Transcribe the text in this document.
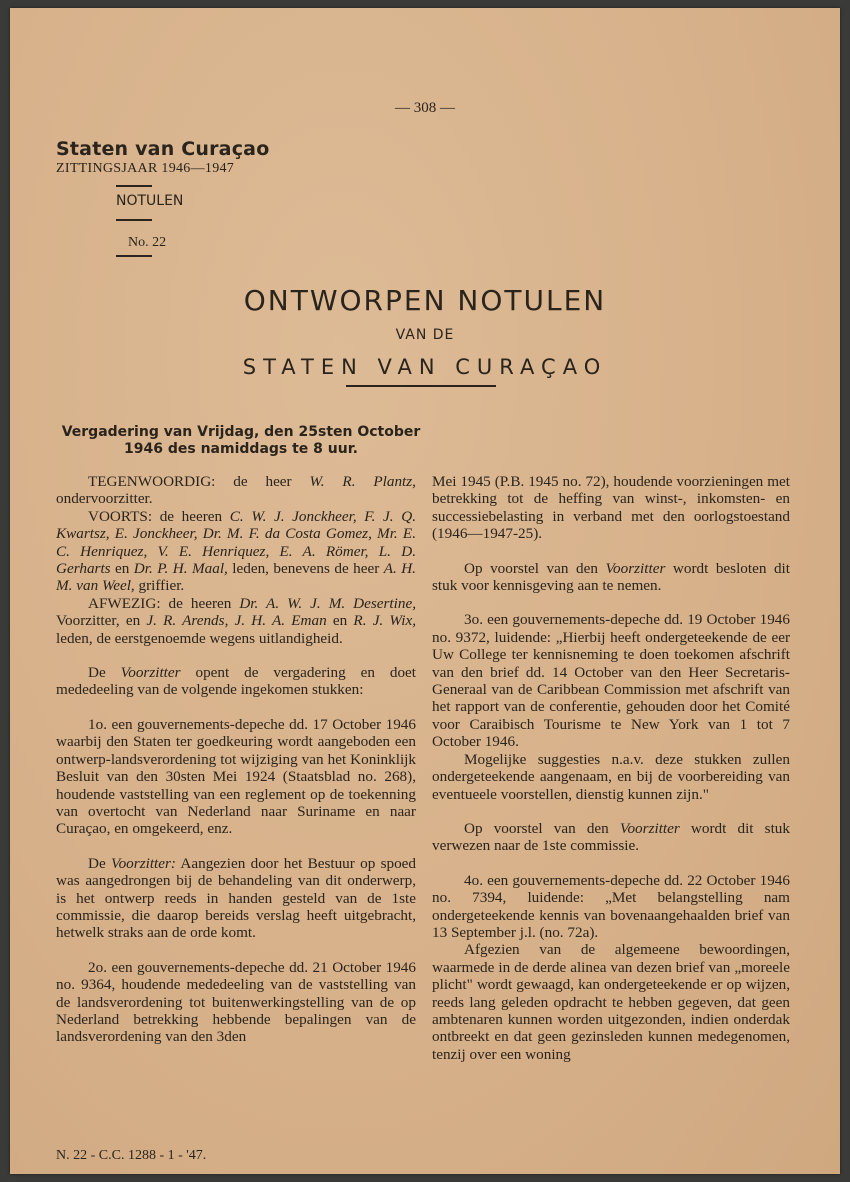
— 308 —
Staten van Curaçao
ZITTINGSJAAR 1946—1947
NOTULEN
No. 22
ONTWORPEN NOTULEN
VAN DE
STATEN VAN CURAÇAO
Vergadering van Vrijdag, den 25sten October
1946 des namiddags te 8 uur.

TEGENWOORDIG: de heer W. R. Plantz, ondervoorzitter.

VOORTS: de heeren C. W. J. Jonckheer, F. J. Q. Kwartsz, E. Jonckheer, Dr. M. F. da Costa Gomez, Mr. E. C. Henriquez, V. E. Henriquez, E. A. Römer, L. D. Gerharts en Dr. P. H. Maal, leden, benevens de heer A. H. M. van Weel, griffier.

AFWEZIG: de heeren Dr. A. W. J. M. Desertine, Voorzitter, en J. R. Arends, J. H. A. Eman en R. J. Wix, leden, de eerstgenoemde wegens uitlandigheid.

De Voorzitter opent de vergadering en doet mededeeling van de volgende ingekomen stukken:

1o. een gouvernements-depeche dd. 17 October 1946 waarbij den Staten ter goedkeuring wordt aangeboden een ontwerp-landsverordening tot wijziging van het Koninklijk Besluit van den 30sten Mei 1924 (Staatsblad no. 268), houdende vaststelling van een reglement op de toekenning van overtocht van Nederland naar Suriname en naar Curaçao, en omgekeerd, enz.

De Voorzitter: Aangezien door het Bestuur op spoed was aangedrongen bij de behandeling van dit onderwerp, is het ontwerp reeds in handen gesteld van de 1ste commissie, die daarop bereids verslag heeft uitgebracht, hetwelk straks aan de orde komt.

2o. een gouvernements-depeche dd. 21 October 1946 no. 9364, houdende mededeeling van de vaststelling van de landsverordening tot buitenwerkingstelling van de op Nederland betrekking hebbende bepalingen van de landsverordening van den 3den

Mei 1945 (P.B. 1945 no. 72), houdende voorzieningen met betrekking tot de heffing van winst-, inkomsten- en successiebelasting in verband met den oorlogstoestand (1946—1947-25).

Op voorstel van den Voorzitter wordt besloten dit stuk voor kennisgeving aan te nemen.

3o. een gouvernements-depeche dd. 19 October 1946 no. 9372, luidende: „Hierbij heeft ondergeteekende de eer Uw College ter kennisneming te doen toekomen afschrift van den brief dd. 14 October van den Heer Secretaris-Generaal van de Caribbean Commission met afschrift van het rapport van de conferentie, gehouden door het Comité voor Caraibisch Tourisme te New York van 1 tot 7 October 1946.

Mogelijke suggesties n.a.v. deze stukken zullen ondergeteekende aangenaam, en bij de voorbereiding van eventueele voorstellen, dienstig kunnen zijn."

Op voorstel van den Voorzitter wordt dit stuk verwezen naar de 1ste commissie.

4o. een gouvernements-depeche dd. 22 October 1946 no. 7394, luidende: „Met belangstelling nam ondergeteekende kennis van bovenaangehaalden brief van 13 September j.l. (no. 72a).

Afgezien van de algemeene bewoordingen, waarmede in de derde alinea van dezen brief van „moreele plicht" wordt gewaagd, kan ondergeteekende er op wijzen, reeds lang geleden opdracht te hebben gegeven, dat geen ambtenaren kunnen worden uitgezonden, indien onderdak ontbreekt en dat geen gezinsleden kunnen medegenomen, tenzij over een woning

N. 22 - C.C. 1288 - 1 - '47.
